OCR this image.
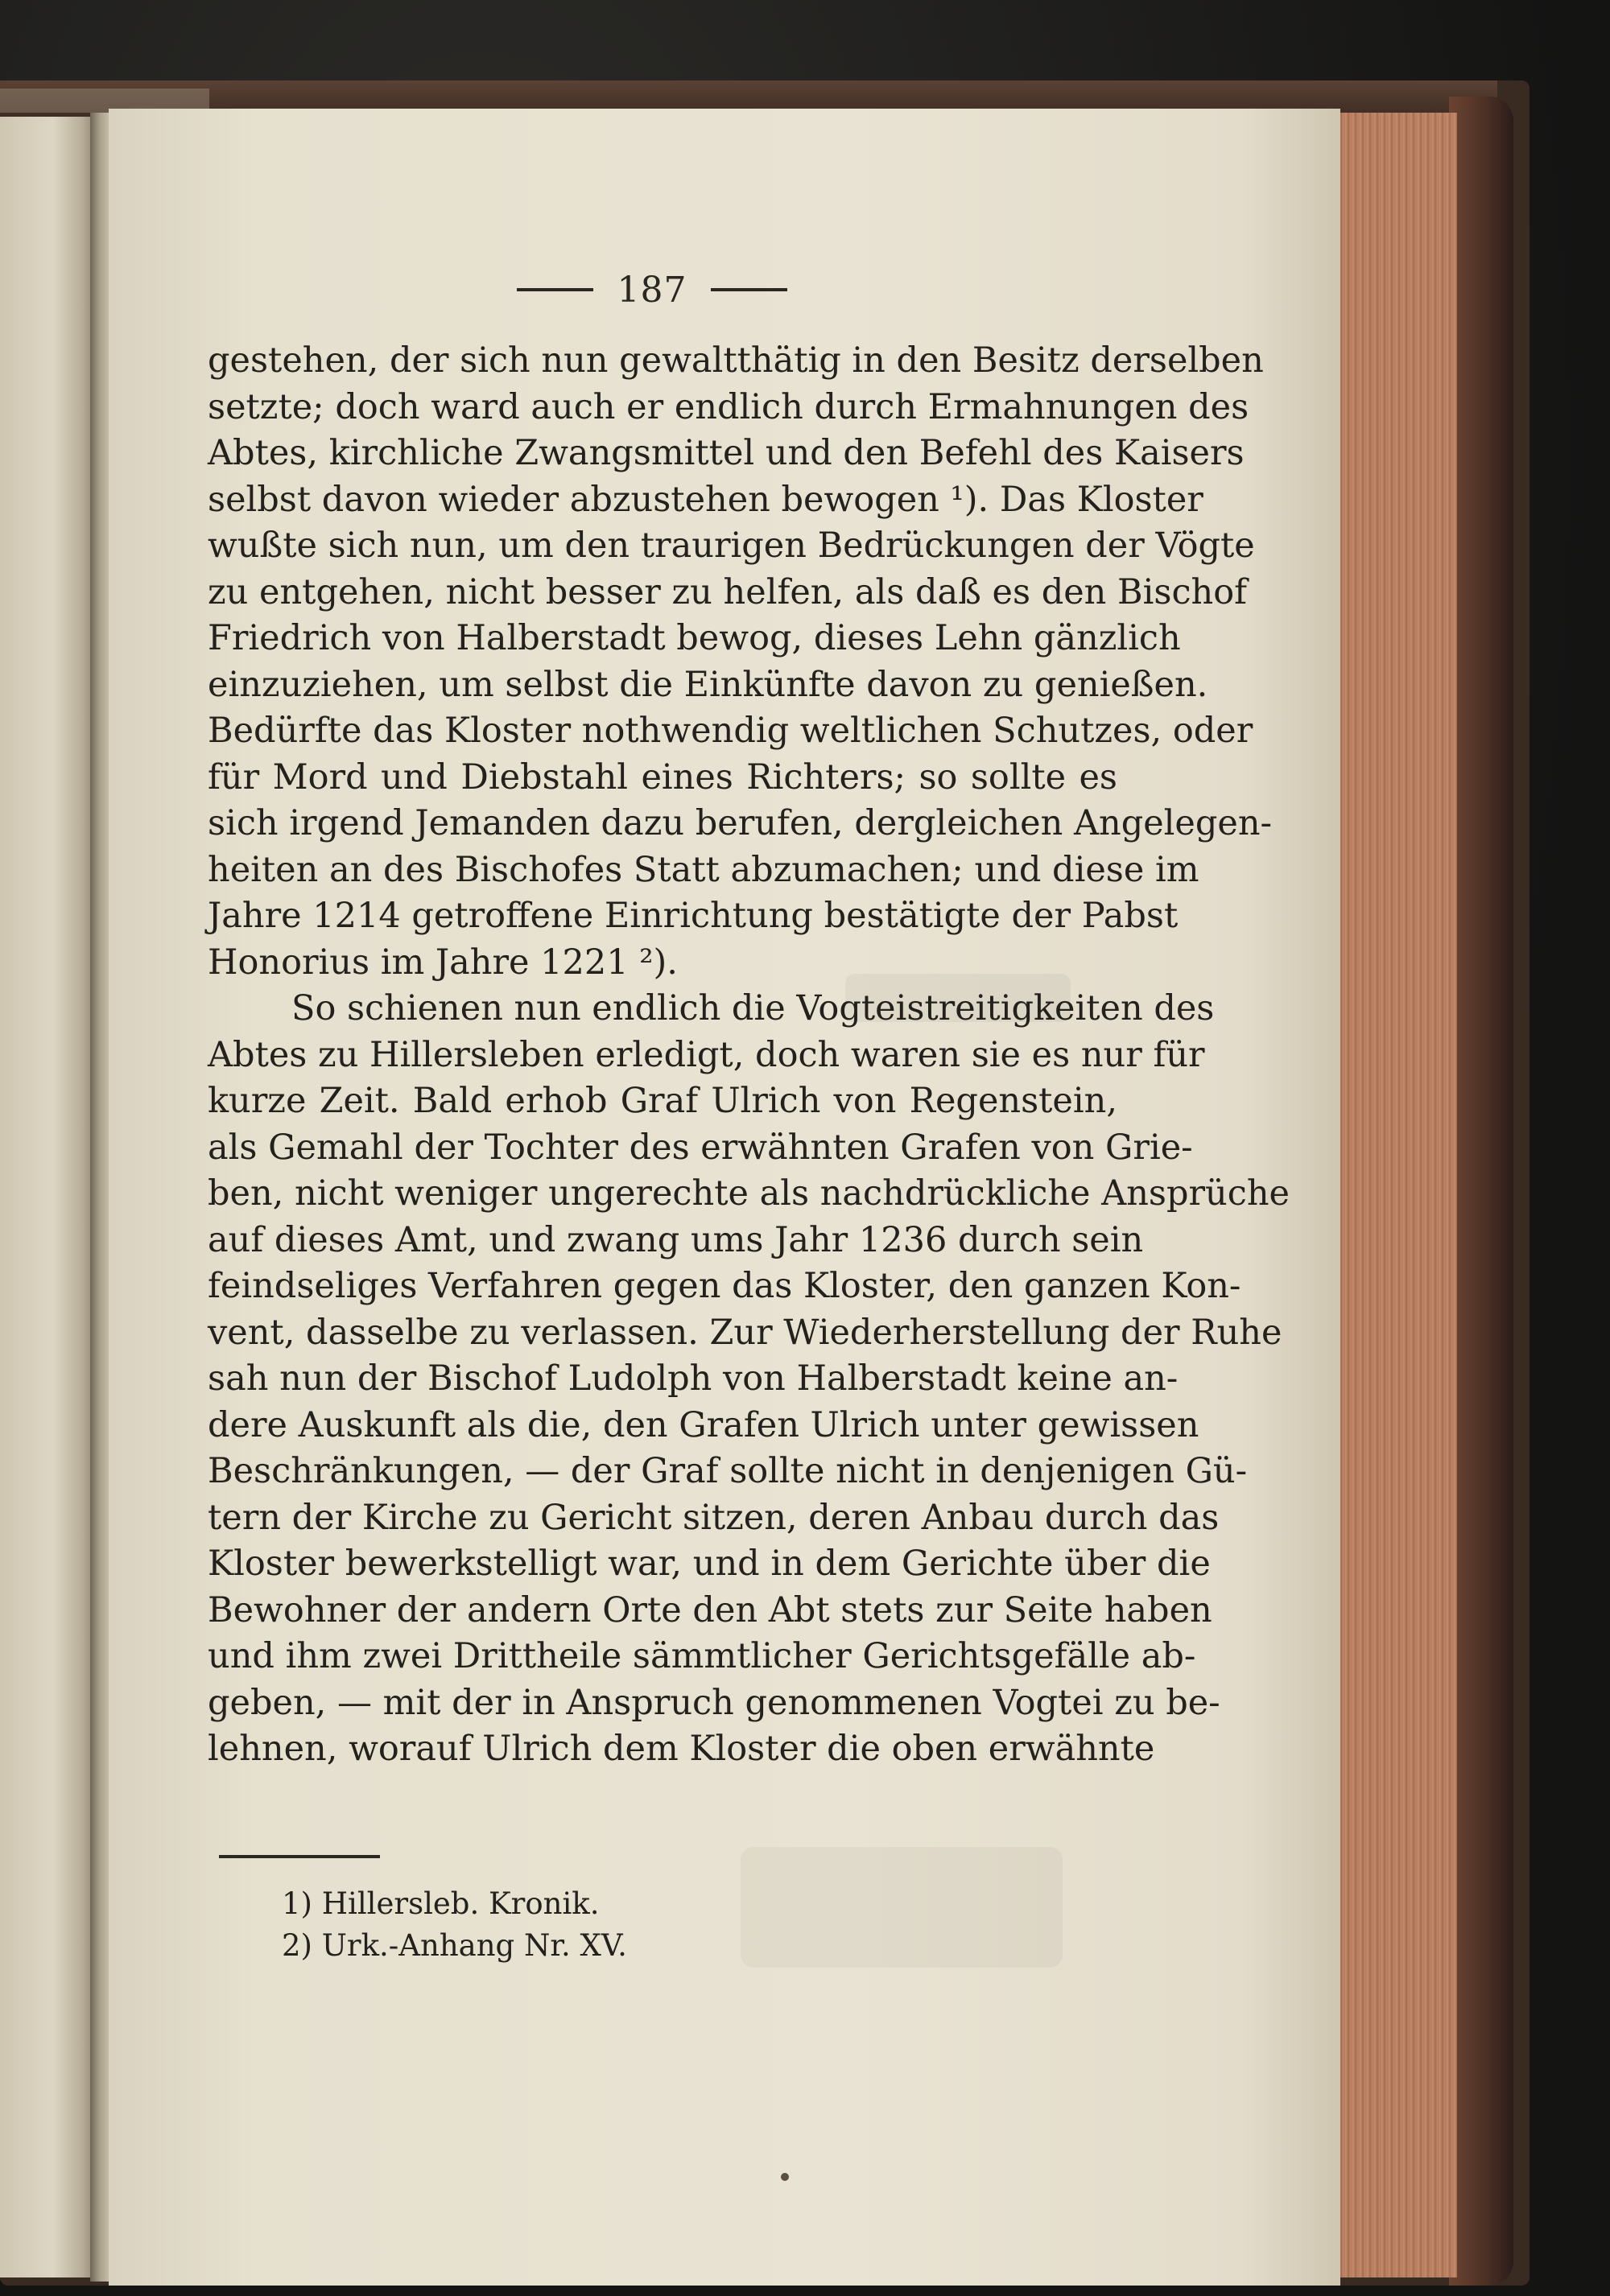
187
gestehen, der sich nun gewaltthätig in den Besitz derselben
setzte; doch ward auch er endlich durch Ermahnungen des
Abtes, kirchliche Zwangsmittel und den Befehl des Kaisers
selbst davon wieder abzustehen bewogen ¹). Das Kloster
wußte sich nun, um den traurigen Bedrückungen der Vögte
zu entgehen, nicht besser zu helfen, als daß es den Bischof
Friedrich von Halberstadt bewog, dieses Lehn gänzlich
einzuziehen, um selbst die Einkünfte davon zu genießen.
Bedürfte das Kloster nothwendig weltlichen Schutzes, oder
für Mord und Diebstahl eines Richters; so sollte es
sich irgend Jemanden dazu berufen, dergleichen Angelegen-
heiten an des Bischofes Statt abzumachen; und diese im
Jahre 1214 getroffene Einrichtung bestätigte der Pabst
Honorius im Jahre 1221 ²).
So schienen nun endlich die Vogteistreitigkeiten des
Abtes zu Hillersleben erledigt, doch waren sie es nur für
kurze Zeit. Bald erhob Graf Ulrich von Regenstein,
als Gemahl der Tochter des erwähnten Grafen von Grie-
ben, nicht weniger ungerechte als nachdrückliche Ansprüche
auf dieses Amt, und zwang ums Jahr 1236 durch sein
feindseliges Verfahren gegen das Kloster, den ganzen Kon-
vent, dasselbe zu verlassen. Zur Wiederherstellung der Ruhe
sah nun der Bischof Ludolph von Halberstadt keine an-
dere Auskunft als die, den Grafen Ulrich unter gewissen
Beschränkungen, — der Graf sollte nicht in denjenigen Gü-
tern der Kirche zu Gericht sitzen, deren Anbau durch das
Kloster bewerkstelligt war, und in dem Gerichte über die
Bewohner der andern Orte den Abt stets zur Seite haben
und ihm zwei Drittheile sämmtlicher Gerichtsgefälle ab-
geben, — mit der in Anspruch genommenen Vogtei zu be-
lehnen, worauf Ulrich dem Kloster die oben erwähnte
1) Hillersleb. Kronik.
2) Urk.-Anhang Nr. XV.
